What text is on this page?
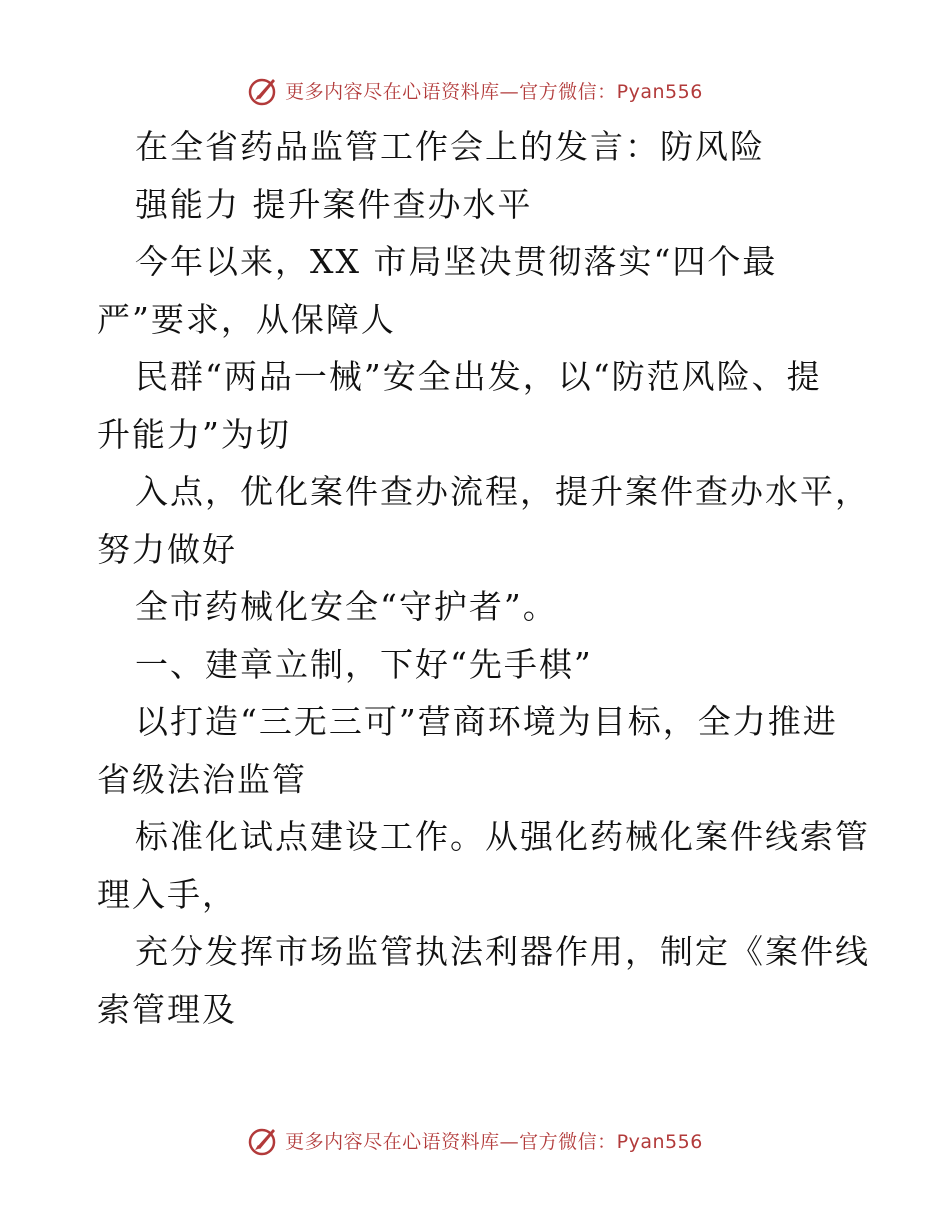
更多内容尽在心语资料库—官方微信：Pyan556
在全省药品监管工作会上的发言：防风险
强能力 提升案件查办水平
今年以来，XX 市局坚决贯彻落实“四个最
严”要求，从保障人
民群“两品一械”安全出发，以“防范风险、提
升能力”为切
入点，优化案件查办流程，提升案件查办水平，
努力做好
全市药械化安全“守护者”。
一、建章立制，下好“先手棋”
以打造“三无三可”营商环境为目标，全力推进
省级法治监管
标准化试点建设工作。从强化药械化案件线索管
理入手，
充分发挥市场监管执法利器作用，制定《案件线
索管理及
更多内容尽在心语资料库—官方微信：Pyan556
